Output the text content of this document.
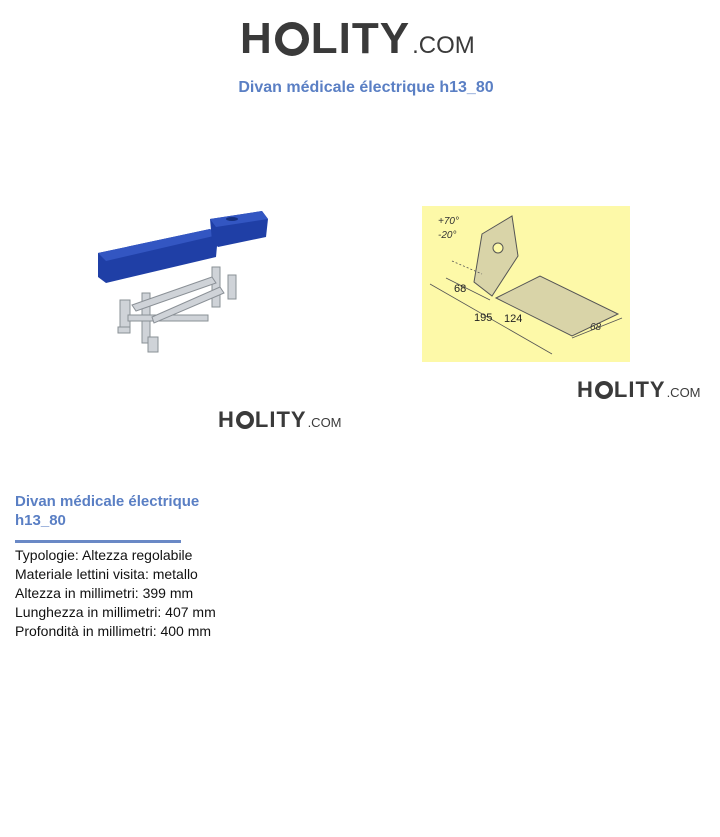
H LITY .COM
Divan médicale électrique h13_80
+70°
-20°
68
195 124
68
H LITY .COM
H LITY .COM
Divan médicale électrique
h13_80
Typologie: Altezza regolabile
Materiale lettini visita: metallo
Altezza in millimetri: 399 mm
Lunghezza in millimetri: 407 mm
Profondità in millimetri: 400 mm
